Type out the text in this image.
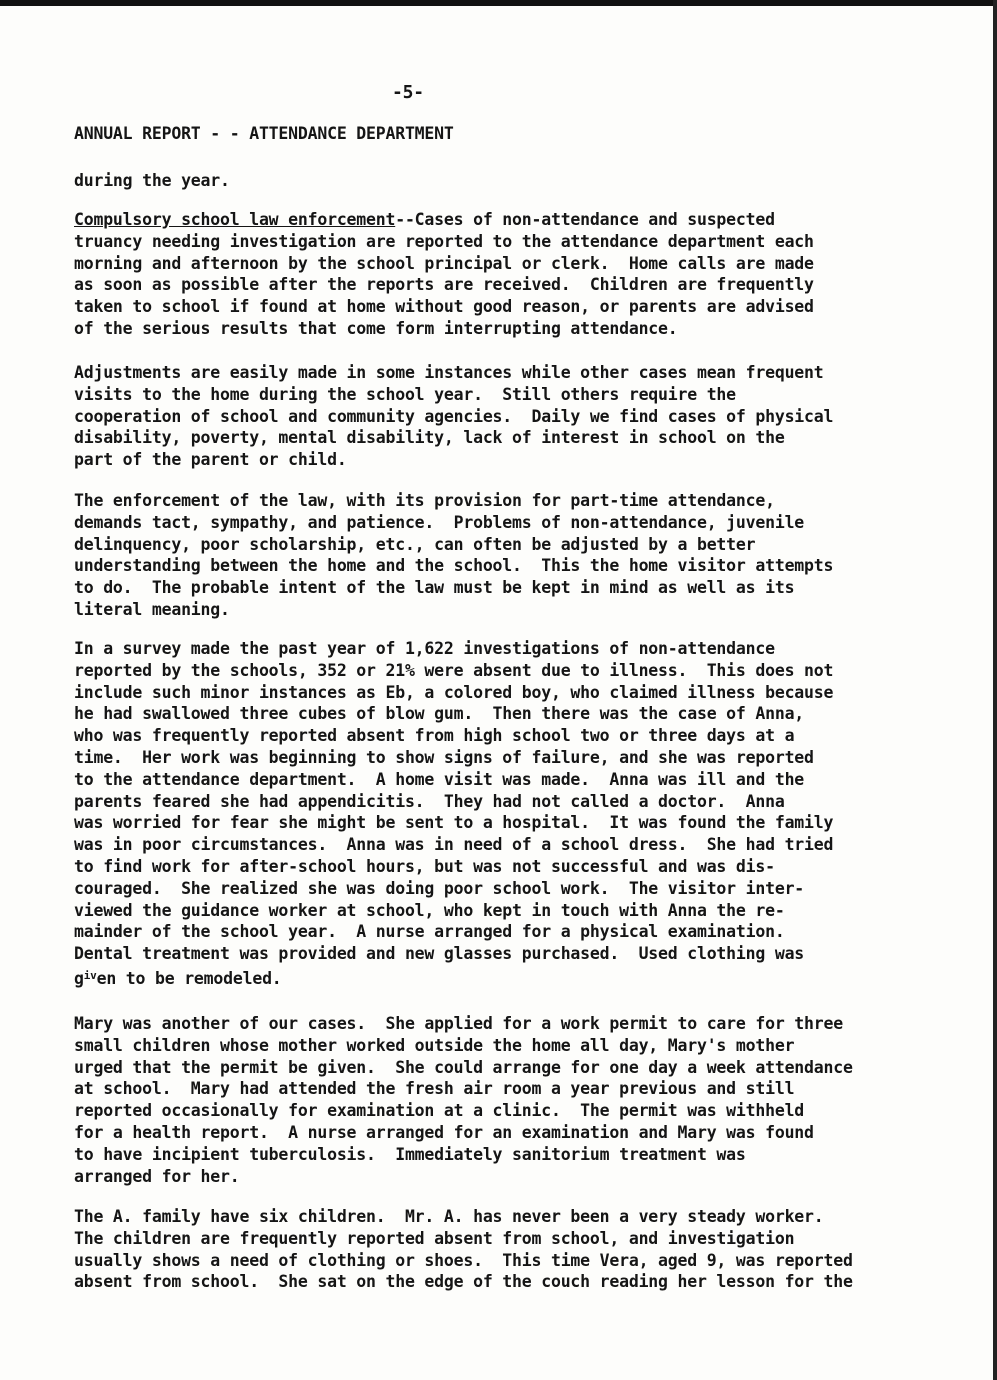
-5-
ANNUAL REPORT - - ATTENDANCE DEPARTMENT
during the year.
Compulsory school law enforcement--Cases of non-attendance and suspected
truancy needing investigation are reported to the attendance department each
morning and afternoon by the school principal or clerk.  Home calls are made
as soon as possible after the reports are received.  Children are frequently
taken to school if found at home without good reason, or parents are advised
of the serious results that come form interrupting attendance.
Adjustments are easily made in some instances while other cases mean frequent
visits to the home during the school year.  Still others require the
cooperation of school and community agencies.  Daily we find cases of physical
disability, poverty, mental disability, lack of interest in school on the
part of the parent or child.
The enforcement of the law, with its provision for part-time attendance,
demands tact, sympathy, and patience.  Problems of non-attendance, juvenile
delinquency, poor scholarship, etc., can often be adjusted by a better
understanding between the home and the school.  This the home visitor attempts
to do.  The probable intent of the law must be kept in mind as well as its
literal meaning.
In a survey made the past year of 1,622 investigations of non-attendance
reported by the schools, 352 or 21% were absent due to illness.  This does not
include such minor instances as Eb, a colored boy, who claimed illness because
he had swallowed three cubes of blow gum.  Then there was the case of Anna,
who was frequently reported absent from high school two or three days at a
time.  Her work was beginning to show signs of failure, and she was reported
to the attendance department.  A home visit was made.  Anna was ill and the
parents feared she had appendicitis.  They had not called a doctor.  Anna
was worried for fear she might be sent to a hospital.  It was found the family
was in poor circumstances.  Anna was in need of a school dress.  She had tried
to find work for after-school hours, but was not successful and was dis-
couraged.  She realized she was doing poor school work.  The visitor inter-
viewed the guidance worker at school, who kept in touch with Anna the re-
mainder of the school year.  A nurse arranged for a physical examination.
Dental treatment was provided and new glasses purchased.  Used clothing was
$g^{iv}en$ to be remodeled.
Mary was another of our cases.  She applied for a work permit to care for three
small children whose mother worked outside the home all day, Mary's mother
urged that the permit be given.  She could arrange for one day a week attendance
at school.  Mary had attended the fresh air room a year previous and still
reported occasionally for examination at a clinic.  The permit was withheld
for a health report.  A nurse arranged for an examination and Mary was found
to have incipient tuberculosis.  Immediately sanitorium treatment was
arranged for her.
The A. family have six children.  Mr. A. has never been a very steady worker.
The children are frequently reported absent from school, and investigation
usually shows a need of clothing or shoes.  This time Vera, aged 9, was reported
absent from school.  She sat on the edge of the couch reading her lesson for the
